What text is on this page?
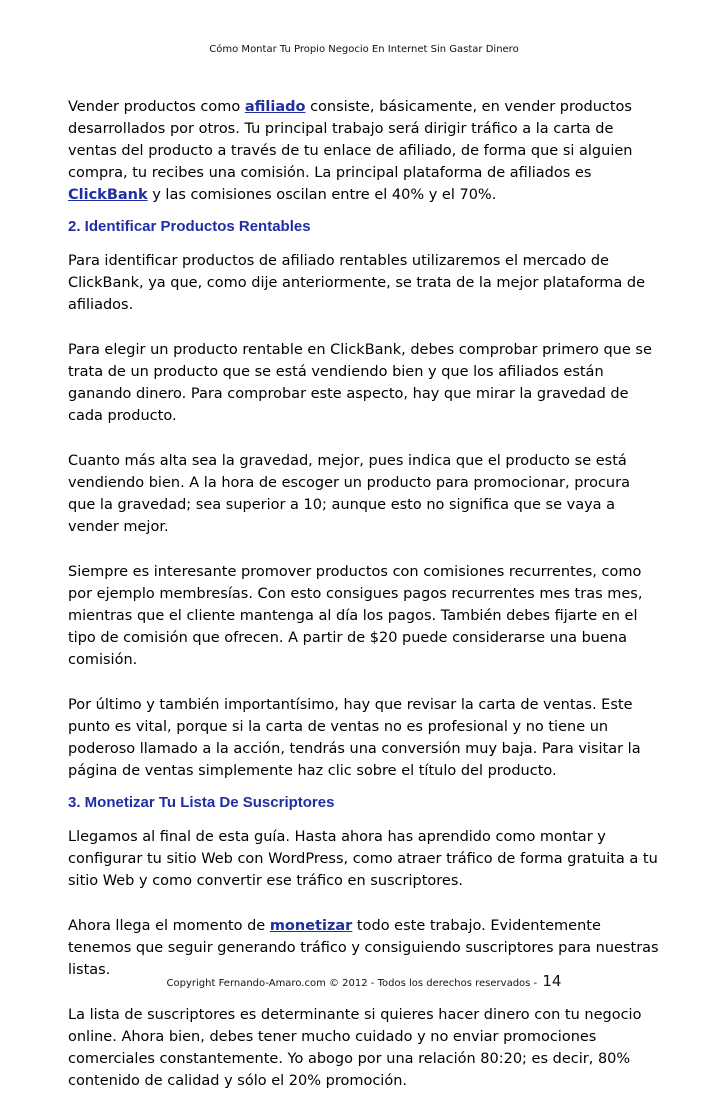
Cómo Montar Tu Propio Negocio En Internet Sin Gastar Dinero

Vender productos como afiliado consiste, básicamente, en vender productos desarrollados por otros. Tu principal trabajo será dirigir tráfico a la carta de ventas del producto a través de tu enlace de afiliado, de forma que si alguien compra, tu recibes una comisión. La principal plataforma de afiliados es ClickBank y las comisiones oscilan entre el 40% y el 70%.

2. Identificar Productos Rentables

Para identificar productos de afiliado rentables utilizaremos el mercado de ClickBank, ya que, como dije anteriormente, se trata de la mejor plataforma de afiliados.

Para elegir un producto rentable en ClickBank, debes comprobar primero que se trata de un producto que se está vendiendo bien y que los afiliados están ganando dinero. Para comprobar este aspecto, hay que mirar la gravedad de cada producto.

Cuanto más alta sea la gravedad, mejor, pues indica que el producto se está vendiendo bien. A la hora de escoger un producto para promocionar, procura que la gravedad; sea superior a 10; aunque esto no significa que se vaya a vender mejor.

Siempre es interesante promover productos con comisiones recurrentes, como por ejemplo membresías. Con esto consigues pagos recurrentes mes tras mes, mientras que el cliente mantenga al día los pagos. También debes fijarte en el tipo de comisión que ofrecen. A partir de $20 puede considerarse una buena comisión.

Por último y también importantísimo, hay que revisar la carta de ventas. Este punto es vital, porque si la carta de ventas no es profesional y no tiene un poderoso llamado a la acción, tendrás una conversión muy baja. Para visitar la página de ventas simplemente haz clic sobre el título del producto.

3. Monetizar Tu Lista De Suscriptores

Llegamos al final de esta guía. Hasta ahora has aprendido como montar y configurar tu sitio Web con WordPress, como atraer tráfico de forma gratuita a tu sitio Web y como convertir ese tráfico en suscriptores.

Ahora llega el momento de monetizar todo este trabajo. Evidentemente tenemos que seguir generando tráfico y consiguiendo suscriptores para nuestras listas.

La lista de suscriptores es determinante si quieres hacer dinero con tu negocio online. Ahora bien, debes tener mucho cuidado y no enviar promociones comerciales constantemente. Yo abogo por una relación 80:20; es decir, 80% contenido de calidad y sólo el 20% promoción.

Copyright Fernando-Amaro.com © 2012 - Todos los derechos reservados - 14
